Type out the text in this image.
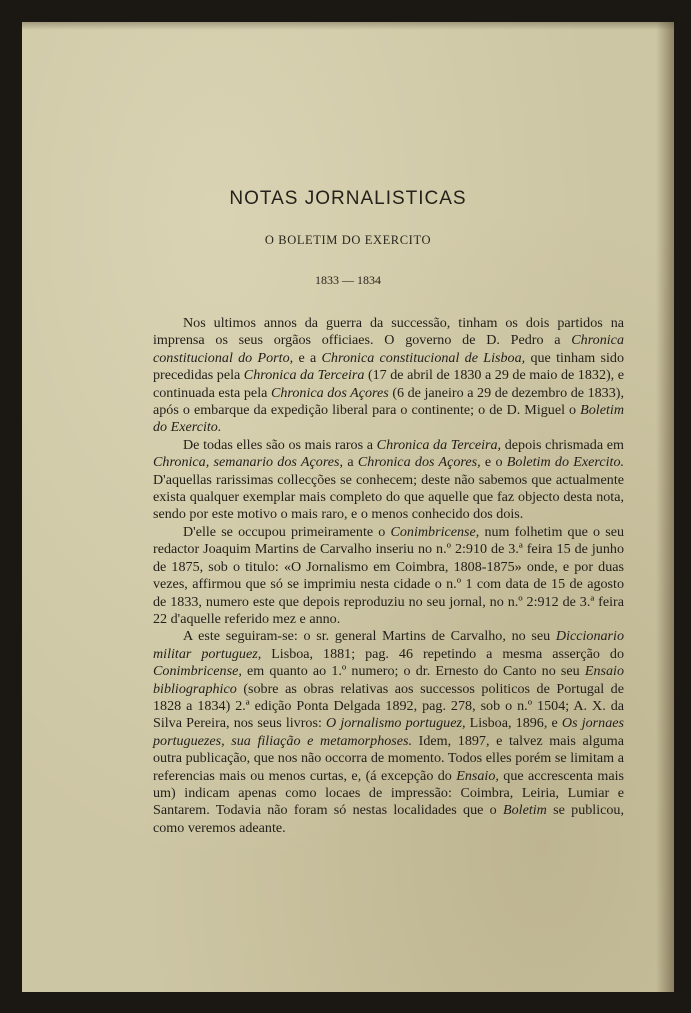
NOTAS JORNALISTICAS
O BOLETIM DO EXERCITO
1833 — 1834

Nos ultimos annos da guerra da successão, tinham os dois partidos na imprensa os seus orgãos officiaes. O governo de D. Pedro a Chronica constitucional do Porto, e a Chronica constitucional de Lisboa, que tinham sido precedidas pela Chronica da Terceira (17 de abril de 1830 a 29 de maio de 1832), e continuada esta pela Chronica dos Açores (6 de janeiro a 29 de dezembro de 1833), após o embarque da expedição liberal para o continente; o de D. Miguel o Boletim do Exercito.

De todas elles são os mais raros a Chronica da Terceira, depois chrismada em Chronica, semanario dos Açores, a Chronica dos Açores, e o Boletim do Exercito. D'aquellas rarissimas collecções se conhecem; deste não sabemos que actualmente exista qualquer exemplar mais completo do que aquelle que faz objecto desta nota, sendo por este motivo o mais raro, e o menos conhecido dos dois.

D'elle se occupou primeiramente o Conimbricense, num folhetim que o seu redactor Joaquim Martins de Carvalho inseriu no n.º 2:910 de 3.ª feira 15 de junho de 1875, sob o titulo: «O Jornalismo em Coimbra, 1808-1875» onde, e por duas vezes, affirmou que só se imprimiu nesta cidade o n.º 1 com data de 15 de agosto de 1833, numero este que depois reproduziu no seu jornal, no n.º 2:912 de 3.ª feira 22 d'aquelle referido mez e anno.

A este seguiram-se: o sr. general Martins de Carvalho, no seu Diccionario militar portuguez, Lisboa, 1881; pag. 46 repetindo a mesma asserção do Conimbricense, em quanto ao 1.º numero; o dr. Ernesto do Canto no seu Ensaio bibliographico (sobre as obras relativas aos successos politicos de Portugal de 1828 a 1834) 2.ª edição Ponta Delgada 1892, pag. 278, sob o n.º 1504; A. X. da Silva Pereira, nos seus livros: O jornalismo portuguez, Lisboa, 1896, e Os jornaes portuguezes, sua filiação e metamorphoses. Idem, 1897, e talvez mais alguma outra publicação, que nos não occorra de momento. Todos elles porém se limitam a referencias mais ou menos curtas, e, (á excepção do Ensaio, que accrescenta mais um) indicam apenas como locaes de impressão: Coimbra, Leiria, Lumiar e Santarem. Todavia não foram só nestas localidades que o Boletim se publicou, como veremos adeante.
